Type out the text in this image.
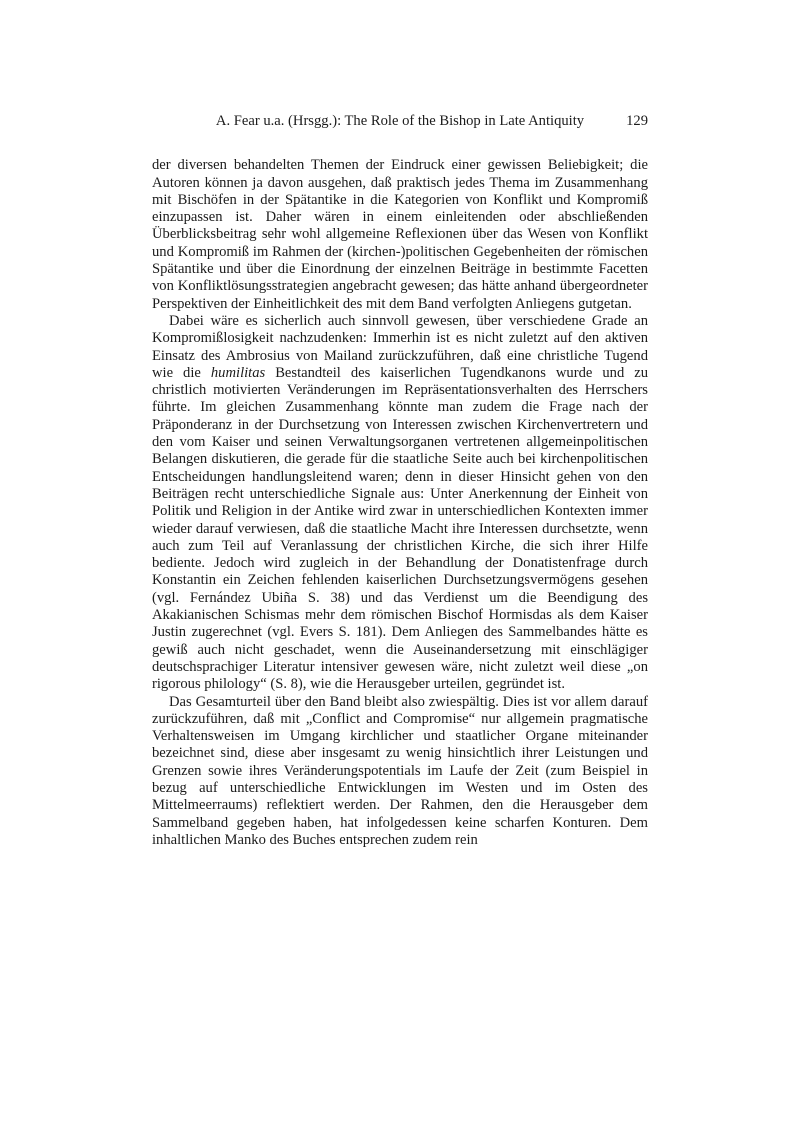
A. Fear u.a. (Hrsgg.): The Role of the Bishop in Late Antiquity	129

der diversen behandelten Themen der Eindruck einer gewissen Beliebigkeit; die Autoren können ja davon ausgehen, daß praktisch jedes Thema im Zusammenhang mit Bischöfen in der Spätantike in die Kategorien von Konflikt und Kompromiß einzupassen ist. Daher wären in einem einleitenden oder abschließenden Überblicksbeitrag sehr wohl allgemeine Reflexionen über das Wesen von Konflikt und Kompromiß im Rahmen der (kirchen-)politischen Gegebenheiten der römischen Spätantike und über die Einordnung der einzelnen Beiträge in bestimmte Facetten von Konfliktlösungsstrategien angebracht gewesen; das hätte anhand übergeordneter Perspektiven der Einheitlichkeit des mit dem Band verfolgten Anliegens gutgetan.

Dabei wäre es sicherlich auch sinnvoll gewesen, über verschiedene Grade an Kompromißlosigkeit nachzudenken: Immerhin ist es nicht zuletzt auf den aktiven Einsatz des Ambrosius von Mailand zurückzuführen, daß eine christliche Tugend wie die humilitas Bestandteil des kaiserlichen Tugendkanons wurde und zu christlich motivierten Veränderungen im Repräsentationsverhalten des Herrschers führte. Im gleichen Zusammenhang könnte man zudem die Frage nach der Präponderanz in der Durchsetzung von Interessen zwischen Kirchenvertretern und den vom Kaiser und seinen Verwaltungsorganen vertretenen allgemeinpolitischen Belangen diskutieren, die gerade für die staatliche Seite auch bei kirchenpolitischen Entscheidungen handlungsleitend waren; denn in dieser Hinsicht gehen von den Beiträgen recht unterschiedliche Signale aus: Unter Anerkennung der Einheit von Politik und Religion in der Antike wird zwar in unterschiedlichen Kontexten immer wieder darauf verwiesen, daß die staatliche Macht ihre Interessen durchsetzte, wenn auch zum Teil auf Veranlassung der christlichen Kirche, die sich ihrer Hilfe bediente. Jedoch wird zugleich in der Behandlung der Donatistenfrage durch Konstantin ein Zeichen fehlenden kaiserlichen Durchsetzungsvermögens gesehen (vgl. Fernández Ubiña S. 38) und das Verdienst um die Beendigung des Akakianischen Schismas mehr dem römischen Bischof Hormisdas als dem Kaiser Justin zugerechnet (vgl. Evers S. 181). Dem Anliegen des Sammelbandes hätte es gewiß auch nicht geschadet, wenn die Auseinandersetzung mit einschlägiger deutschsprachiger Literatur intensiver gewesen wäre, nicht zuletzt weil diese „on rigorous philology“ (S. 8), wie die Herausgeber urteilen, gegründet ist.

Das Gesamturteil über den Band bleibt also zwiespältig. Dies ist vor allem darauf zurückzuführen, daß mit „Conflict and Compromise“ nur allgemein pragmatische Verhaltensweisen im Umgang kirchlicher und staatlicher Organe miteinander bezeichnet sind, diese aber insgesamt zu wenig hinsichtlich ihrer Leistungen und Grenzen sowie ihres Veränderungspotentials im Laufe der Zeit (zum Beispiel in bezug auf unterschiedliche Entwicklungen im Westen und im Osten des Mittelmeerraums) reflektiert werden. Der Rahmen, den die Herausgeber dem Sammelband gegeben haben, hat infolgedessen keine scharfen Konturen. Dem inhaltlichen Manko des Buches entsprechen zudem rein
